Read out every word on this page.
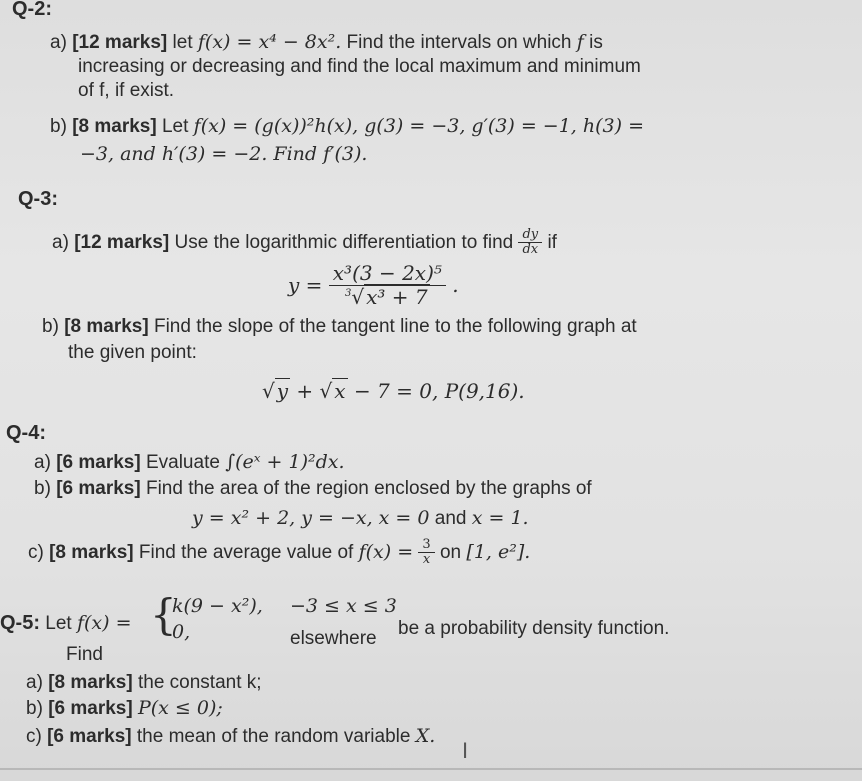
Q-2:
a) [12 marks] let f(x) = x⁴ − 8x². Find the intervals on which f is
increasing or decreasing and find the local maximum and minimum
of f, if exist.
b) [8 marks] Let f(x) = (g(x))²h(x), g(3) = −3, g′(3) = −1, h(3) =
−3, and h′(3) = −2. Find f′(3).
Q-3:
a) [12 marks] Use the logarithmic differentiation to find $\frac{dy}{dx}$ if
$y = \frac{\text{x³(3 − 2x)⁵}}{^3√ x^3 + 7}$ .
b) [8 marks] Find the slope of the tangent line to the following graph at
the given point:
√ y + √ x − 7 = 0, P(9,16).
Q-4:
a) [6 marks] Evaluate ∫(eˣ + 1)²dx.
b) [6 marks] Find the area of the region enclosed by the graphs of
y = x² + 2, y = −x, x = 0 and x = 1.
c) [8 marks] Find the average value of $f(x) = \frac{3}{x}$ on [1, e²].
Q-5: Let f(x) = {
k(9 − x²), −3 ≤ x ≤ 3
0,	elsewhere be a probability density function.
Find
a) [8 marks] the constant k;
b) [6 marks] P(x ≤ 0);
c) [6 marks] the mean of the random variable X.
I
